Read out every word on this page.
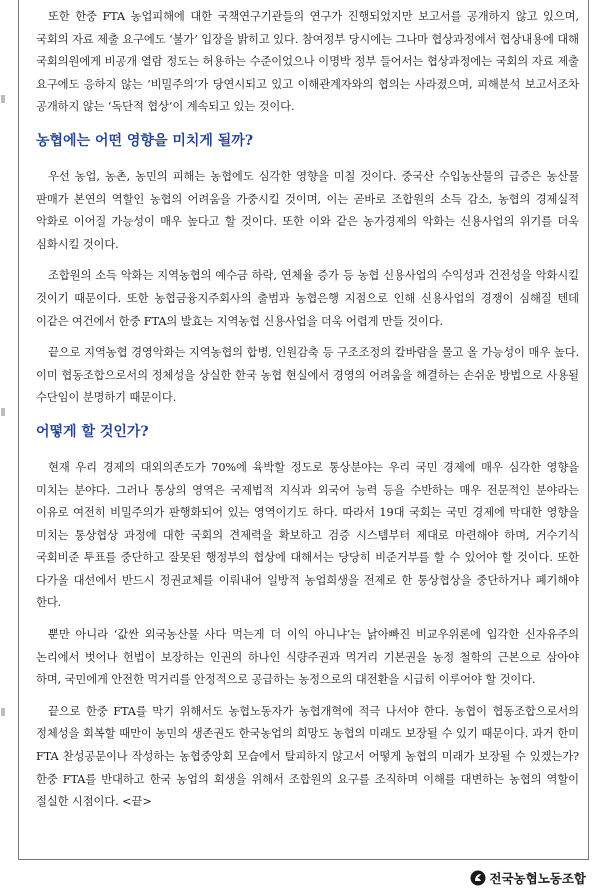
또한 한중 FTA 농업피해에 대한 국책연구기관들의 연구가 진행되었지만 보고서를 공개하지 않고 있으며, 국회의 자료 제출 요구에도 ‘불가’ 입장을 밝히고 있다. 참여정부 당시에는 그나마 협상과정에서 협상내용에 대해 국회의원에게 비공개 열람 정도는 허용하는 수준이었으나 이명박 정부 들어서는 협상과정에는 국회의 자료 제출 요구에도 응하지 않는 ‘비밀주의’가 당연시되고 있고 이해관계자와의 협의는 사라졌으며, 피해분석 보고서조차 공개하지 않는 ‘독단적 협상’이 계속되고 있는 것이다.

농협에는 어떤 영향을 미치게 될까?

우선 농업, 농촌, 농민의 피해는 농협에도 심각한 영향을 미칠 것이다. 중국산 수입농산물의 급증은 농산물 판매가 본연의 역할인 농협의 어려움을 가중시킬 것이며, 이는 곧바로 조합원의 소득 감소, 농협의 경제실적 악화로 이어질 가능성이 매우 높다고 할 것이다. 또한 이와 같은 농가경제의 악화는 신용사업의 위기를 더욱 심화시킬 것이다.

조합원의 소득 악화는 지역농협의 예수금 하락, 연체율 증가 등 농협 신용사업의 수익성과 건전성을 악화시킬 것이기 때문이다. 또한 농협금융지주회사의 출범과 농협은행 지점으로 인해 신용사업의 경쟁이 심해질 텐데 이같은 여건에서 한중 FTA의 발효는 지역농협 신용사업을 더욱 어렵게 만들 것이다.

끝으로 지역농협 경영악화는 지역농협의 합병, 인원감축 등 구조조정의 칼바람을 몰고 올 가능성이 매우 높다. 이미 협동조합으로서의 정체성을 상실한 한국 농협 현실에서 경영의 어려움을 해결하는 손쉬운 방법으로 사용될 수단임이 분명하기 때문이다.

어떻게 할 것인가?

현재 우리 경제의 대외의존도가 70%에 육박할 정도로 통상분야는 우리 국민 경제에 매우 심각한 영향을 미치는 분야다. 그러나 통상의 영역은 국제법적 지식과 외국어 능력 등을 수반하는 매우 전문적인 분야라는 이유로 여전히 비밀주의가 판행화되어 있는 영역이기도 하다. 따라서 19대 국회는 국민 경제에 막대한 영향을 미치는 통상협상 과정에 대한 국회의 견제력을 확보하고 검증 시스템부터 제대로 마련해야 하며, 거수기식 국회비준 투표를 중단하고 잘못된 행정부의 협상에 대해서는 당당히 비준거부를 할 수 있어야 할 것이다. 또한 다가올 대선에서 반드시 정권교체를 이뤄내어 일방적 농업희생을 전제로 한 통상협상을 중단하거나 폐기해야 한다.

뿐만 아니라 ‘값싼 외국농산물 사다 먹는게 더 이익 아니냐’는 낡아빠진 비교우위론에 입각한 신자유주의 논리에서 벗어나 헌법이 보장하는 인권의 하나인 식량주권과 먹거리 기본권을 농정 철학의 근본으로 삼아야 하며, 국민에게 안전한 먹거리를 안정적으로 공급하는 농정으로의 대전환을 시급히 이루어야 할 것이다.

끝으로 한중 FTA를 막기 위해서도 농협노동자가 농협개혁에 적극 나서야 한다. 농협이 협동조합으로서의 정체성을 회복할 때만이 농민의 생존권도 한국농업의 희망도 농협의 미래도 보장될 수 있기 때문이다. 과거 한미 FTA 찬성공문이나 작성하는 농협중앙회 모습에서 탈피하지 않고서 어떻게 농협의 미래가 보장될 수 있겠는가? 한중 FTA를 반대하고 한국 농업의 회생을 위해서 조합원의 요구를 조직하며 이해를 대변하는 농협의 역할이 절실한 시점이다. <끝>

전국농협노동조합
